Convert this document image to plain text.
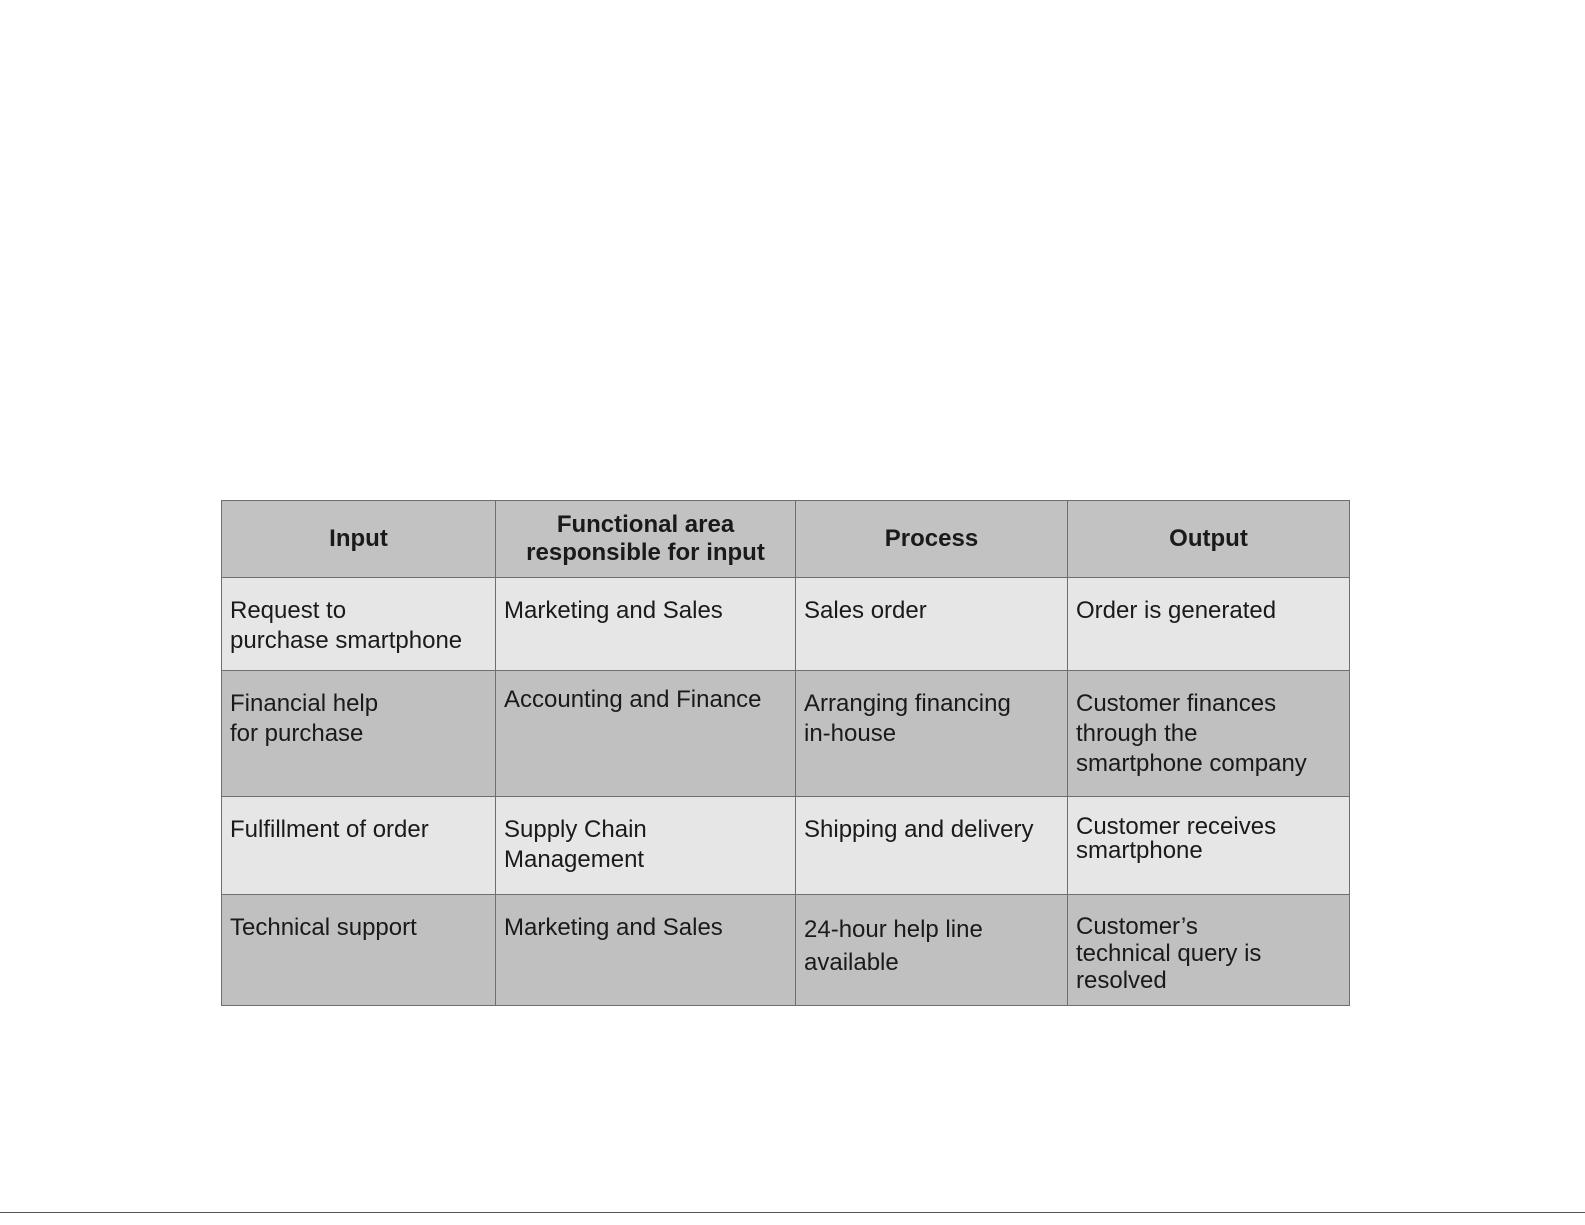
Input	Functional area
responsible for input	Process	Output

Request to
purchase smartphone	Marketing and Sales	Sales order	Order is generated

Financial help
for purchase	Accounting and Finance	Arranging financing
in-house	Customer finances
through the
smartphone company

Fulfillment of order	Supply Chain
Management	Shipping and delivery	Customer receives
smartphone

Technical support	Marketing and Sales	24-hour help line
available	Customer’s
technical query is
resolved
